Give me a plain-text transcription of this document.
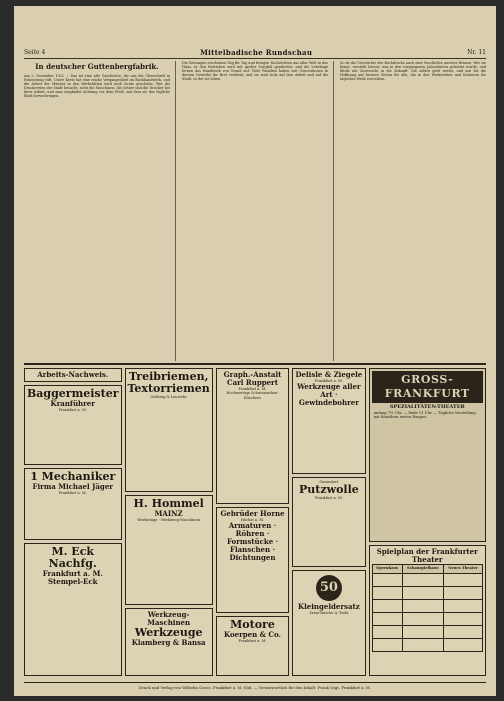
Seite 4	Mittelbadische Rundschau	Nr. 11
In deutscher Guttenbergfabrik.
Am 2. Dezember 1922 ... Das ist eine alte Geschichte, die uns die Überschrift in Erinnerung ruft. Unser Kreis hat eine reiche Vergangenheit im Buchhandwerk, und die Arbeit der Männer in den Werkstätten wird noch heute geschätzt. Wer die Druckereien der Stadt besucht, sieht die Maschinen, die Setzer und die Drucker bei ihrer Arbeit, und man empfindet Achtung vor dem Fleiß, mit dem sie das tägliche Blatt hervorbringen.
Die Zeitungen erscheinen Tag für Tag und bringen Nachrichten aus aller Welt in das Haus. In den Betrieben wird mit großer Sorgfalt gearbeitet, und die Lehrlinge lernen das Handwerk von Grund auf. Viele Familien haben seit Generationen in diesem Gewerbe ihr Brot verdient, und sie sind stolz auf ihre Arbeit und auf die Stadt, in der sie leben.
So ist die Geschichte des Buchdrucks auch eine Geschichte unserer Heimat. Wer sie kennt, versteht besser, was in den vergangenen Jahrzehnten geleistet wurde, und blickt mit Zuversicht in die Zukunft. Die Arbeit geht weiter, und mit ihr die Hoffnung auf bessere Zeiten für alle, die in den Werkstätten und Kontoren ihr tägliches Werk verrichten.
Arbeits-Nachweis.
Baggermeister
Kranführer
Frankfurt a. M.
1 Mechaniker
Firma Michael Jäger
Frankfurt a. M.
M. Eck Nachfg.
Frankfurt a. M.
Stempel-Eck
Treibriemen,
Textorriemen
Gröbing & Leuwehr
H. Hommel
MAINZ
Werkzeuge · Werkzeug-Maschinen
Werkzeug-Maschinen
Werkzeuge
Klamberg & Bansa
Graph.-Anstalt Carl Ruppert
Frankfurt a. M.
Hochwertige Schutzmarken-Klischees
Gebrüder Horne
Höchst a. M.
Armaturen · Röhren · Formstücke · Flanschen · Dichtungen
Motore
Koerpen & Co.
Frankfurt a. M.
Delisle & Ziegele
Frankfurt a. M.
Werkzeuge aller Art · Gewindebohrer
Garantiert
Putzwolle
Frankfurt a. M.
50
Kleingeldersatz
Zeise-Rasche & Trefz
GROSS-FRANKFURT
SPEZIALITÄTEN-THEATER
Anfang 7½ Uhr. — Ende 11 Uhr. — Tägliche Vorstellung mit Künstlern ersten Ranges.
Spielplan der Frankfurter Theater
Opernhaus	Schauspielhaus	Neues Theater

Druck und Verlag von Wilhelm Gosse, Frankfurt a. M.-Süd. — Verantwortlich für den Inhalt: Frank Vogt, Frankfurt a. M.
